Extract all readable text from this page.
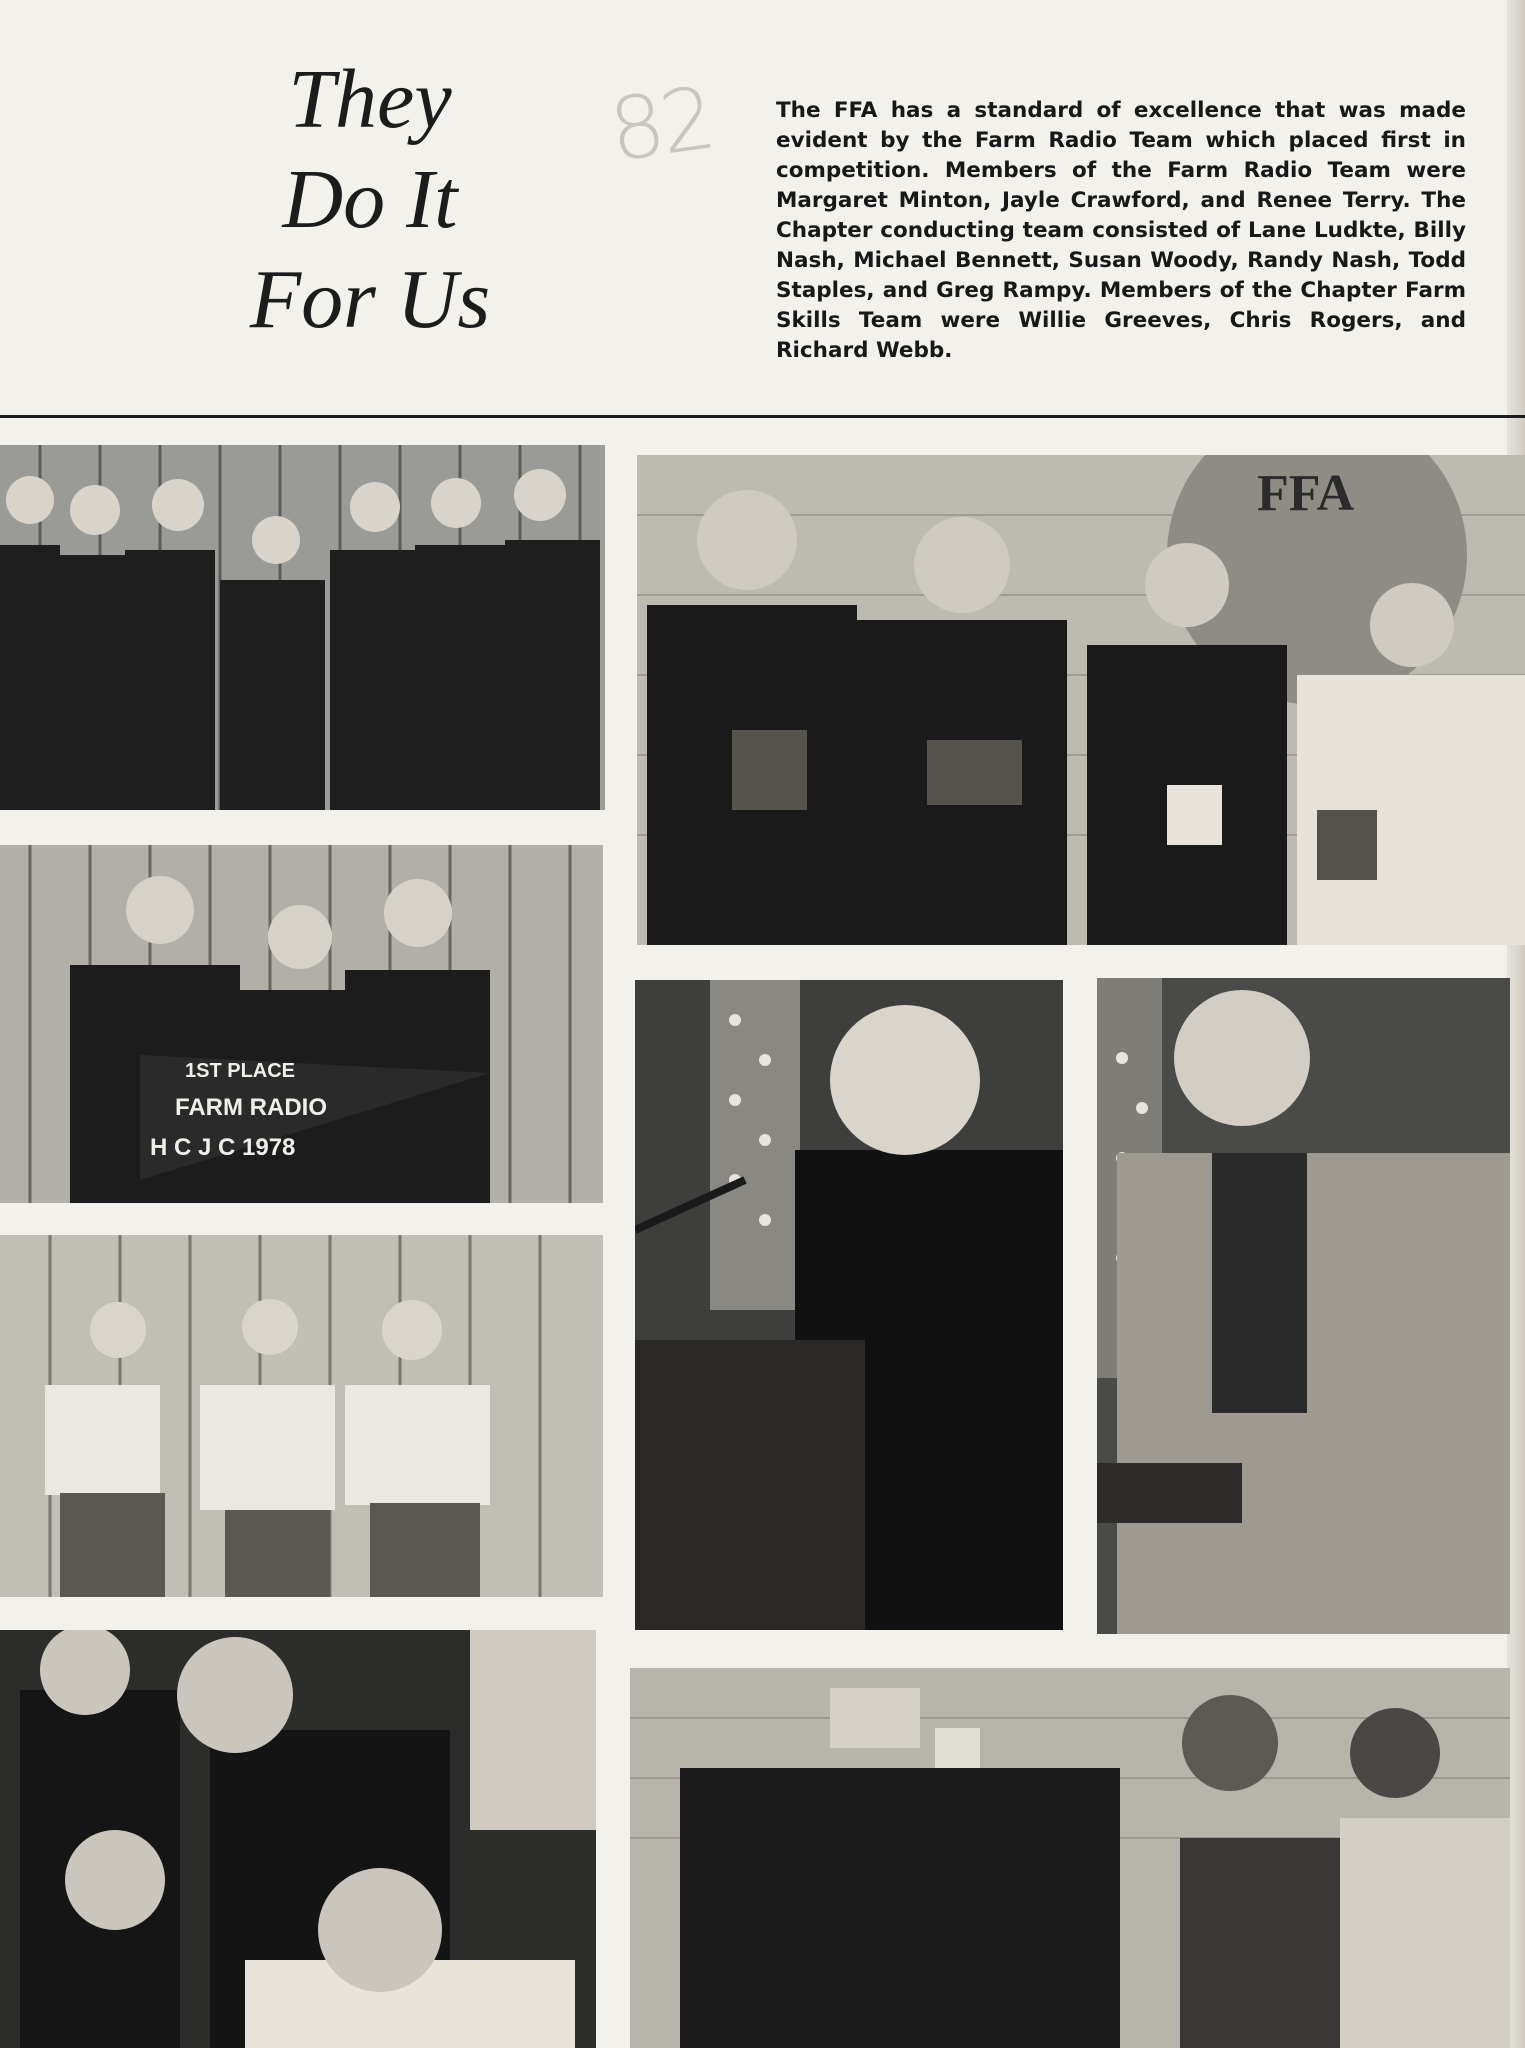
They
Do It
For Us
82	The FFA has a standard of excellence that was made evident by the Farm Radio Team which placed first in competition. Members of the Farm Radio Team were Margaret Minton, Jayle Crawford, and Renee Terry. The Chapter conducting team consisted of Lane Ludkte, Billy Nash, Michael Bennett, Susan Woody, Randy Nash, Todd Staples, and Greg Rampy. Members of the Chapter Farm Skills Team were Willie Greeves, Chris Rogers, and Richard Webb.
FFA
1ST PLACE
FARM RADIO
H C J C 1978
